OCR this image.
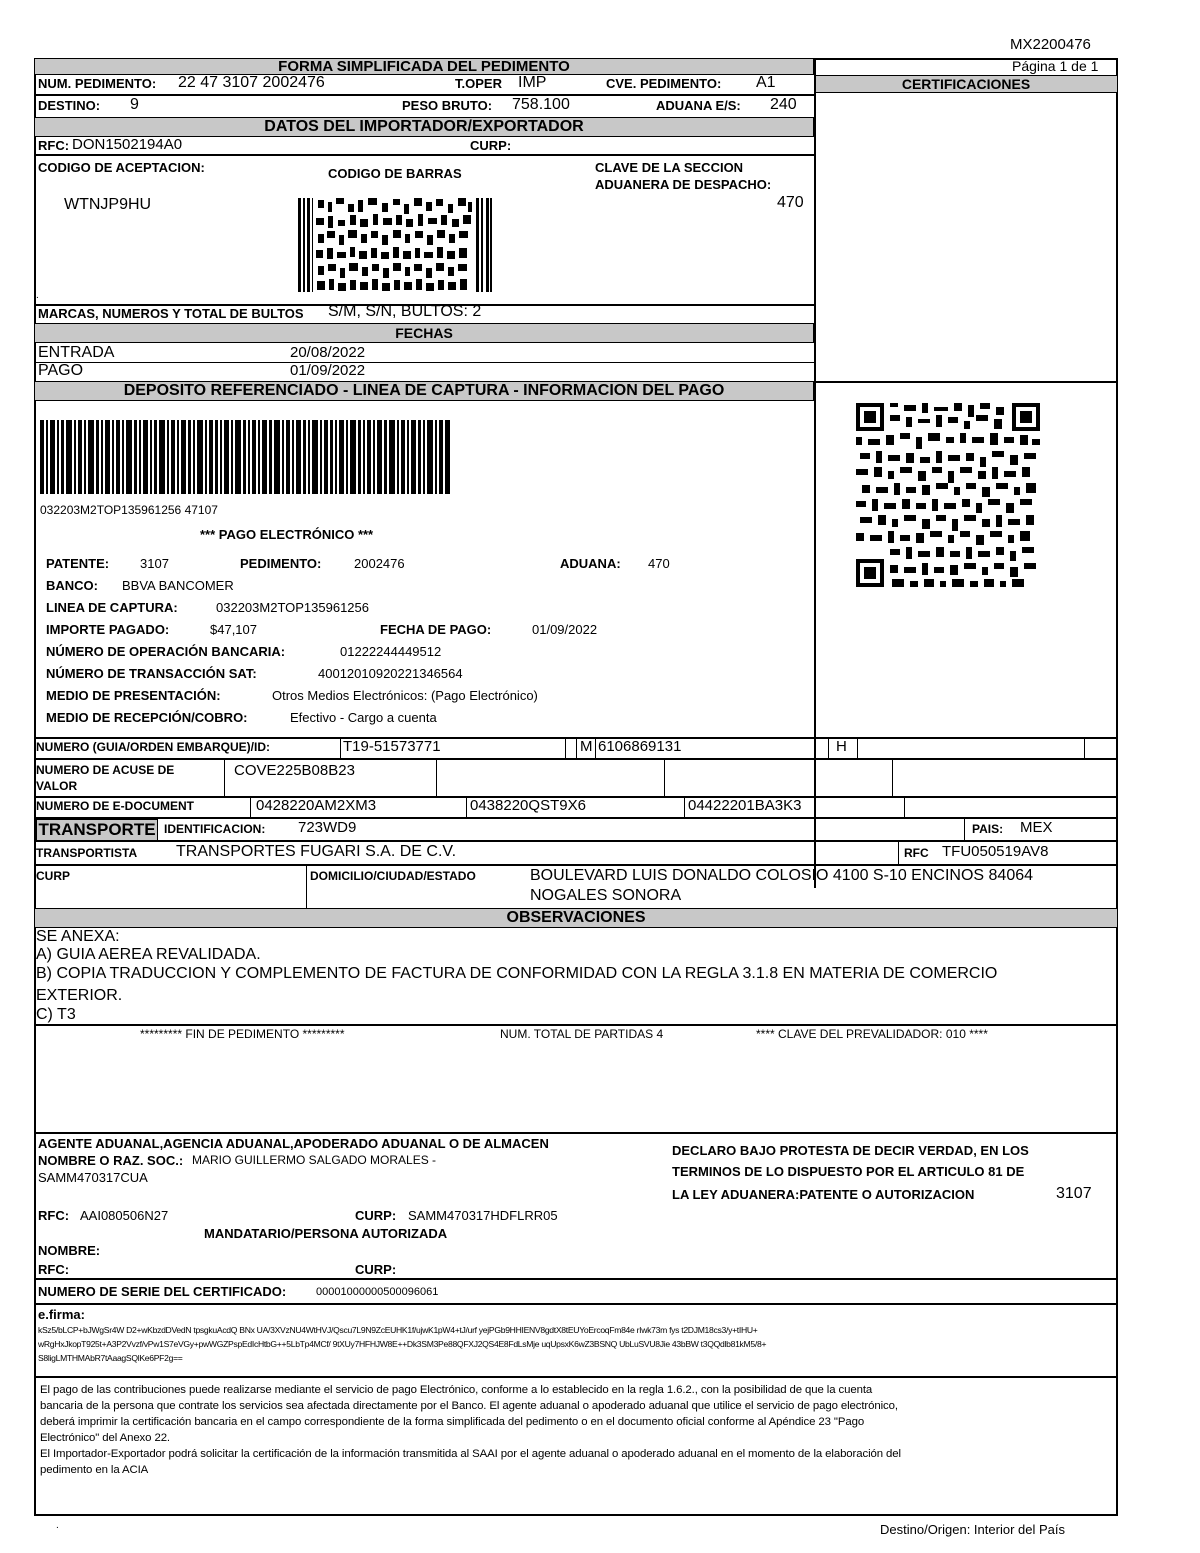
MX2200476
FORMA SIMPLIFICADA DEL PEDIMENTO	Página 1 de 1
CERTIFICACIONES
NUM. PEDIMENTO: 22 47 3107 2002476	T.OPER IMP	CVE. PEDIMENTO: A1
DESTINO: 9	PESO BRUTO: 758.100	ADUANA E/S: 240
DATOS DEL IMPORTADOR/EXPORTADOR
RFC: DON1502194A0	CURP:
CODIGO DE ACEPTACION:
WTNJP9HU
CODIGO DE BARRAS	CLAVE DE LA SECCION
ADUANERA DE DESPACHO:
470
.
MARCAS, NUMEROS Y TOTAL DE BULTOS S/M, S/N, BULTOS: 2
FECHAS
ENTRADA	20/08/2022
PAGO	01/09/2022
DEPOSITO REFERENCIADO - LINEA DE CAPTURA - INFORMACION DEL PAGO
032203M2TOP135961256 47107
*** PAGO ELECTRÓNICO ***
PATENTE: 3107	PEDIMENTO:	2002476	ADUANA: 470
BANCO: BBVA BANCOMER
LINEA DE CAPTURA:	032203M2TOP135961256
IMPORTE PAGADO:	$47,107	FECHA DE PAGO:	01/09/2022
NÚMERO DE OPERACIÓN BANCARIA:	01222244449512
NÚMERO DE TRANSACCIÓN SAT:	40012010920221346564
MEDIO DE PRESENTACIÓN:	Otros Medios Electrónicos: (Pago Electrónico)
MEDIO DE RECEPCIÓN/COBRO:	Efectivo - Cargo a cuenta
NUMERO (GUIA/ORDEN EMBARQUE)/ID:	T19-51573771	M 6106869131	H
NUMERO DE ACUSE DE
VALOR
COVE225B08B23
NUMERO DE E-DOCUMENT	0428220AM2XM3	0438220QST9X6	04422201BA3K3
TRANSPORTE IDENTIFICACION: 723WD9	PAIS: MEX
TRANSPORTISTA TRANSPORTES FUGARI S.A. DE C.V.	RFC TFU050519AV8
CURP	DOMICILIO/CIUDAD/ESTADO	BOULEVARD LUIS DONALDO COLOSIO 4100 S-10 ENCINOS 84064
NOGALES SONORA
OBSERVACIONES
SE ANEXA:
A) GUIA AEREA REVALIDADA.
B) COPIA TRADUCCION Y COMPLEMENTO DE FACTURA DE CONFORMIDAD CON LA REGLA 3.1.8 EN MATERIA DE COMERCIO
EXTERIOR.
C) T3
********* FIN DE PEDIMENTO *********	NUM. TOTAL DE PARTIDAS 4	**** CLAVE DEL PREVALIDADOR: 010 ****
AGENTE ADUANAL,AGENCIA ADUANAL,APODERADO ADUANAL O DE ALMACEN
NOMBRE O RAZ. SOC.: MARIO GUILLERMO SALGADO MORALES -
SAMM470317CUA
DECLARO BAJO PROTESTA DE DECIR VERDAD, EN LOS
TERMINOS DE LO DISPUESTO POR EL ARTICULO 81 DE
LA LEY ADUANERA:PATENTE O AUTORIZACION	3107
RFC: AAI080506N27	CURP: SAMM470317HDFLRR05
MANDATARIO/PERSONA AUTORIZADA
NOMBRE:
RFC:	CURP:
NUMERO DE SERIE DEL CERTIFICADO:	00001000000500096061
e.firma:
kSz5/bLCP+bJWgSr4W D2+wKbzdDVedN tpsgkuAcdQ BNx UA/3XVzNU4WtHVJ/Qscu7L9N9ZcEUHK1f/ujwK1pW4+tJ/urf yejPGb9HHIENV8gdtX8tEUYoErcoqFm84e rIwk73m fys t2DJM18cs3/y+tIHU+
wRgHxJkopT925t+A3P2Vvzf/vPw1S7eVGy+pwWGZPspEdIcHtbG++5LbTp4MCf/ 9tXUy7HFHJW8E++Dk3SM3Pe88QFXJ2QS4E8FdLsMje uqUpsxK6wZ3BSNQ UbLuSVU8Jie 43bBW t3QQdlb81kM5/8+
S8ligLMTHMAbR7tAaagSQlKe6PF2g==
El pago de las contribuciones puede realizarse mediante el servicio de pago Electrónico, conforme a lo establecido en la regla 1.6.2., con la posibilidad de que la cuenta
bancaria de la persona que contrate los servicios sea afectada directamente por el Banco. El agente aduanal o apoderado aduanal que utilice el servicio de pago electrónico,
deberá imprimir la certificación bancaria en el campo correspondiente de la forma simplificada del pedimento o en el documento oficial conforme al Apéndice 23 "Pago
Electrónico" del Anexo 22.
El Importador-Exportador podrá solicitar la certificación de la información transmitida al SAAI por el agente aduanal o apoderado aduanal en el momento de la elaboración del
pedimento en la ACIA
.	Destino/Origen: Interior del País
